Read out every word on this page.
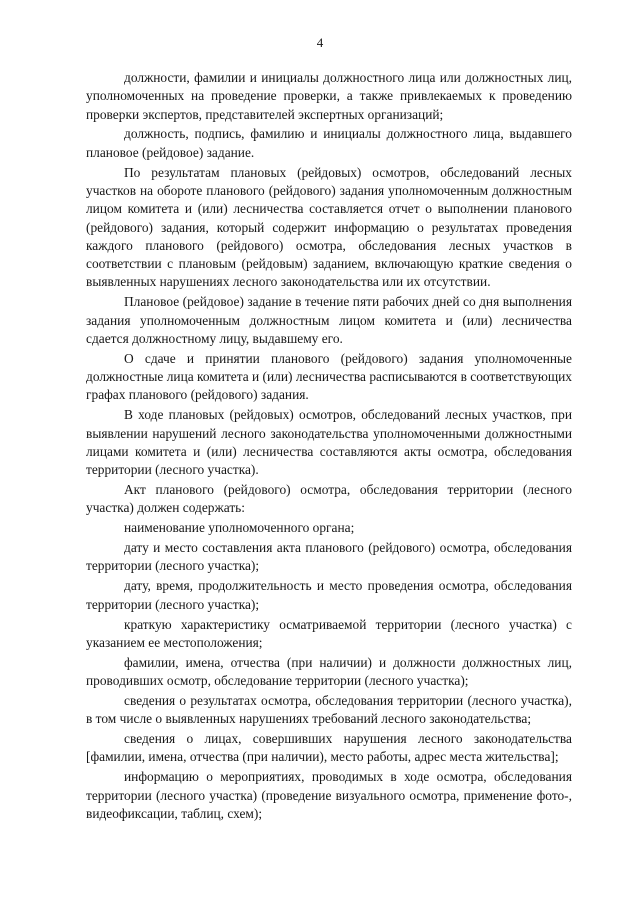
4

должности, фамилии и инициалы должностного лица или должностных лиц, уполномоченных на проведение проверки, а также привлекаемых к проведению проверки экспертов, представителей экспертных организаций;

должность, подпись, фамилию и инициалы должностного лица, выдавшего плановое (рейдовое) задание.

По результатам плановых (рейдовых) осмотров, обследований лесных участков на обороте планового (рейдового) задания уполномоченным должностным лицом комитета и (или) лесничества составляется отчет о выполнении планового (рейдового) задания, который содержит информацию о результатах проведения каждого планового (рейдового) осмотра, обследования лесных участков в соответствии с плановым (рейдовым) заданием, включающую краткие сведения о выявленных нарушениях лесного законодательства или их отсутствии.

Плановое (рейдовое) задание в течение пяти рабочих дней со дня выполнения задания уполномоченным должностным лицом комитета и (или) лесничества сдается должностному лицу, выдавшему его.

О сдаче и принятии планового (рейдового) задания уполномоченные должностные лица комитета и (или) лесничества расписываются в соответствующих графах планового (рейдового) задания.

В ходе плановых (рейдовых) осмотров, обследований лесных участков, при выявлении нарушений лесного законодательства уполномоченными должностными лицами комитета и (или) лесничества составляются акты осмотра, обследования территории (лесного участка).

Акт планового (рейдового) осмотра, обследования территории (лесного участка) должен содержать:

наименование уполномоченного органа;

дату и место составления акта планового (рейдового) осмотра, обследования территории (лесного участка);

дату, время, продолжительность и место проведения осмотра, обследования территории (лесного участка);

краткую характеристику осматриваемой территории (лесного участка) с указанием ее местоположения;

фамилии, имена, отчества (при наличии) и должности должностных лиц, проводивших осмотр, обследование территории (лесного участка);

сведения о результатах осмотра, обследования территории (лесного участка), в том числе о выявленных нарушениях требований лесного законодательства;

сведения о лицах, совершивших нарушения лесного законодательства [фамилии, имена, отчества (при наличии), место работы, адрес места жительства];

информацию о мероприятиях, проводимых в ходе осмотра, обследования территории (лесного участка) (проведение визуального осмотра, применение фото-, видеофиксации, таблиц, схем);
